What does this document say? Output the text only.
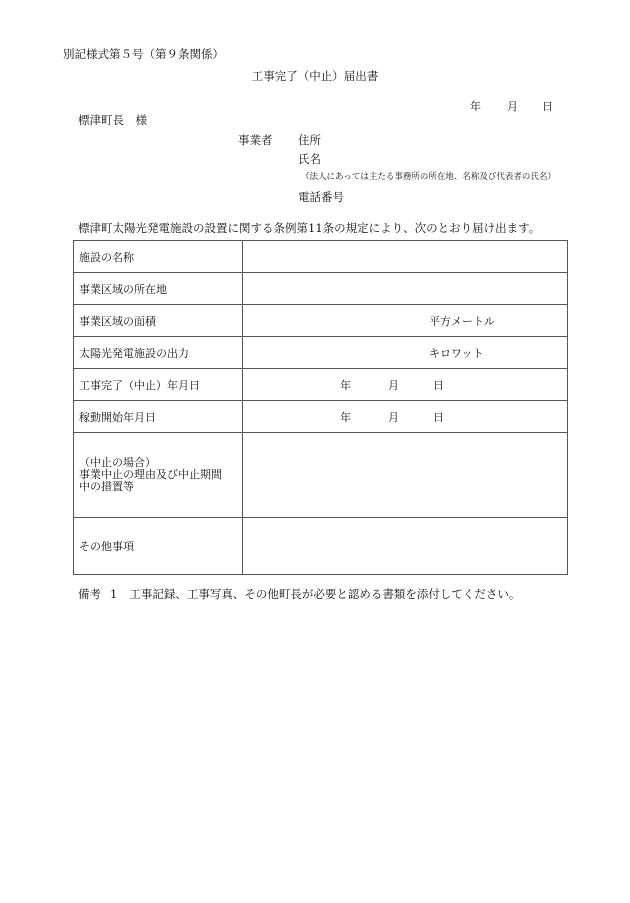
別記様式第５号（第９条関係）
工事完了（中止）届出書
年 月 日
標津町長　様
事業者 住所
氏名
（法人にあっては主たる事務所の所在地、名称及び代表者の氏名）
電話番号
標津町太陽光発電施設の設置に関する条例第11条の規定により、次のとおり届け出ます。
施設の名称	
事業区域の所在地	
事業区域の面積	平方メートル

太陽光発電施設の出力	キロワット

工事完了（中止）年月日	年 月 日

稼動開始年月日	年 月 日

（中止の場合）
事業中止の理由及び中止期間
中の措置等	

その他事項	
備考 1 工事記録、工事写真、その他町長が必要と認める書類を添付してください。
